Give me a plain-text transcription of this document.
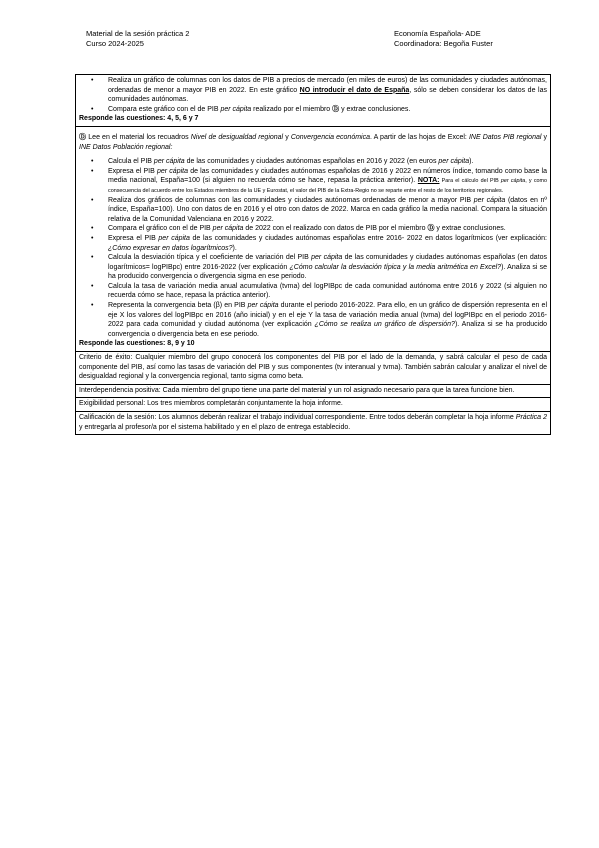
Material de la sesión práctica 2
Curso 2024-2025
Economía Española- ADE
Coordinadora: Begoña Fuster
•	Realiza un gráfico de columnas con los datos de PIB a precios de mercado (en miles de euros) de las comunidades y ciudades autónomas, ordenadas de menor a mayor PIB en 2022. En este gráfico NO introducir el dato de España, sólo se deben considerar los datos de las comunidades autónomas.
•	Compara este gráfico con el de PIB per cápita realizado por el miembro Ⓓ y extrae conclusiones.
Responde las cuestiones: 4, 5, 6 y 7
Ⓓ Lee en el material los recuadros Nivel de desigualdad regional y Convergencia económica. A partir de las hojas de Excel: INE Datos PIB regional y INE Datos Población regional:
•	Calcula el PIB per cápita de las comunidades y ciudades autónomas españolas en 2016 y 2022 (en euros per cápita).
•	Expresa el PIB per cápita de las comunidades y ciudades autónomas españolas de 2016 y 2022 en números índice, tomando como base la media nacional, España=100 (si alguien no recuerda cómo se hace, repasa la práctica anterior). NOTA: Para el cálculo del PIB per cápita, y como consecuencia del acuerdo entre los Estados miembros de la UE y Eurostat, el valor del PIB de la Extra-Regio no se reparte entre el resto de los territorios regionales.
•	Realiza dos gráficos de columnas con las comunidades y ciudades autónomas ordenadas de menor a mayor PIB per cápita (datos en nº índice, España=100). Uno con datos de en 2016 y el otro con datos de 2022. Marca en cada gráfico la media nacional. Compara la situación relativa de la Comunidad Valenciana en 2016 y 2022.
•	Compara el gráfico con el de PIB per cápita de 2022 con el realizado con datos de PIB por el miembro Ⓓ y extrae conclusiones.
•	Expresa el PIB per cápita de las comunidades y ciudades autónomas españolas entre 2016- 2022 en datos logarítmicos (ver explicación: ¿Cómo expresar en datos logarítmicos?).
•	Calcula la desviación típica y el coeficiente de variación del PIB per cápita de las comunidades y ciudades autónomas españolas (en datos logarítmicos= logPIBpc) entre 2016-2022 (ver explicación ¿Cómo calcular la desviación típica y la media aritmética en Excel?). Analiza si se ha producido convergencia o divergencia sigma en ese periodo.
•	Calcula la tasa de variación media anual acumulativa (tvma) del logPIBpc de cada comunidad autónoma entre 2016 y 2022 (si alguien no recuerda cómo se hace, repasa la práctica anterior).
•	Representa la convergencia beta (β) en PIB per cápita durante el periodo 2016-2022. Para ello, en un gráfico de dispersión representa en el eje X los valores del logPIBpc en 2016 (año inicial) y en el eje Y la tasa de variación media anual (tvma) del logPIBpc en el periodo 2016-2022 para cada comunidad y ciudad autónoma (ver explicación ¿Cómo se realiza un gráfico de dispersión?). Analiza si se ha producido convergencia o divergencia beta en ese periodo.
Responde las cuestiones: 8, 9 y 10
Criterio de éxito: Cualquier miembro del grupo conocerá los componentes del PIB por el lado de la demanda, y sabrá calcular el peso de cada componente del PIB, así como las tasas de variación del PIB y sus componentes (tv interanual y tvma). También sabrán calcular y analizar el nivel de desigualdad regional y la convergencia regional, tanto sigma como beta.
Interdependencia positiva: Cada miembro del grupo tiene una parte del material y un rol asignado necesario para que la tarea funcione bien.
Exigibilidad personal: Los tres miembros completarán conjuntamente la hoja informe.
Calificación de la sesión: Los alumnos deberán realizar el trabajo individual correspondiente. Entre todos deberán completar la hoja informe Práctica 2 y entregarla al profesor/a por el sistema habilitado y en el plazo de entrega establecido.
